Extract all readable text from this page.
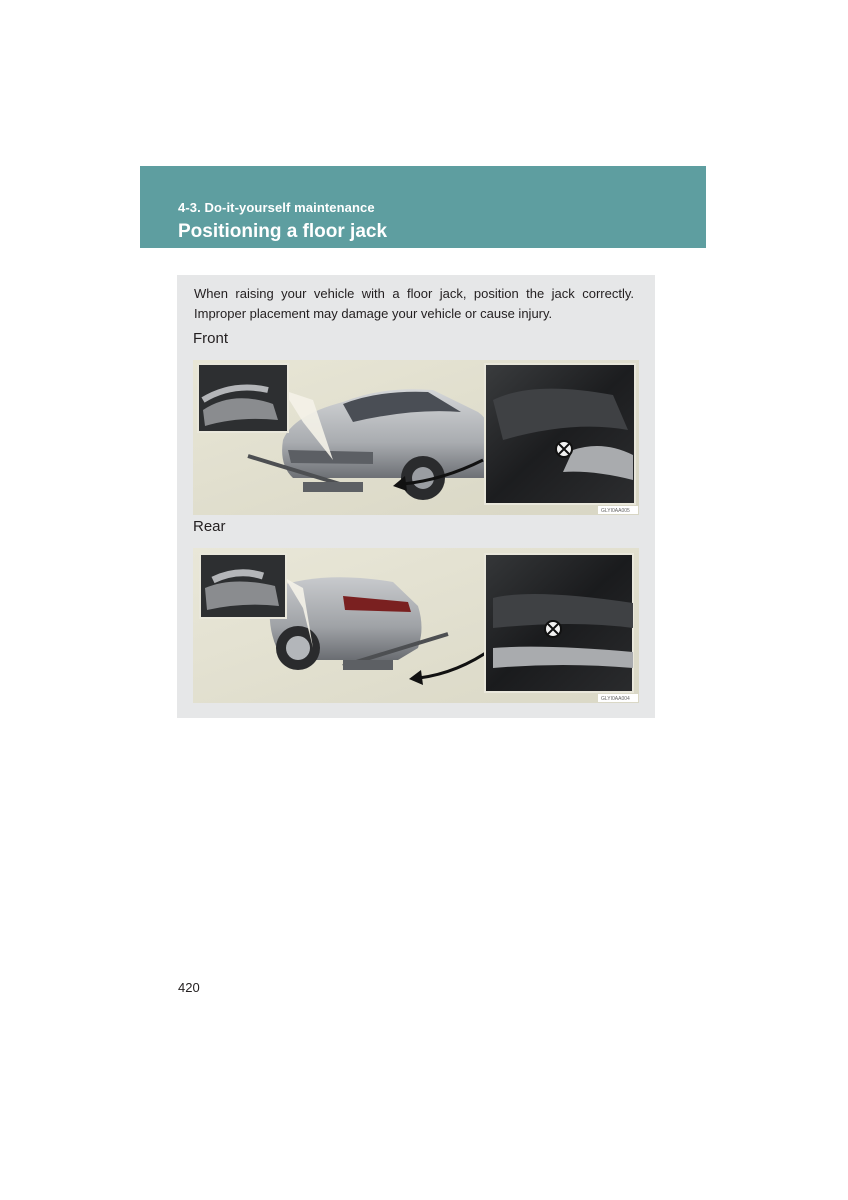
4-3. Do-it-yourself maintenance
Positioning a floor jack

When raising your vehicle with a floor jack, position the jack correctly. Improper placement may damage your vehicle or cause injury.

Front
GLYI0AA005
Rear
GLYI0AA004
420
